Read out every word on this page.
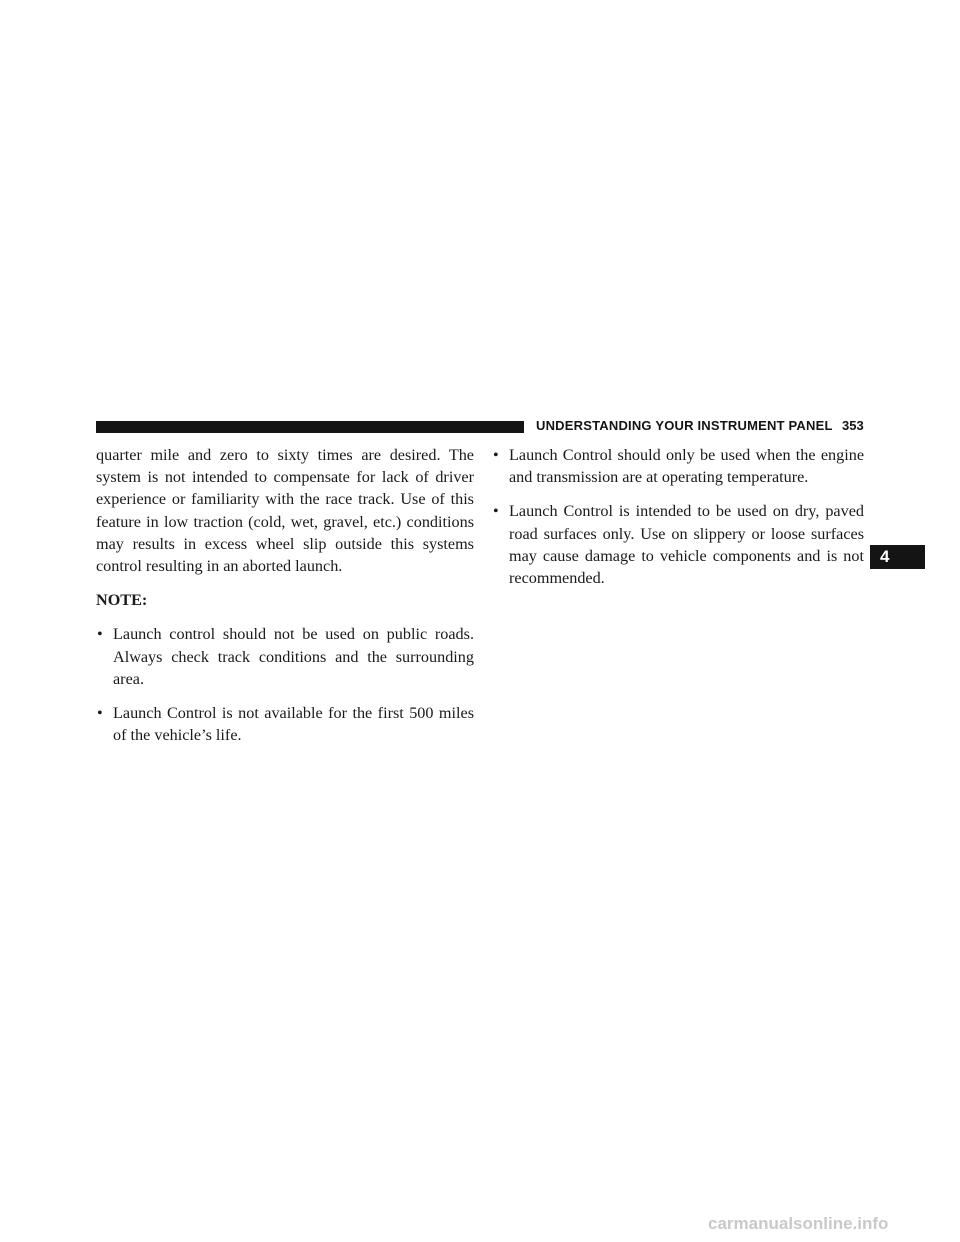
UNDERSTANDING YOUR INSTRUMENT PANEL 353

quarter mile and zero to sixty times are desired. The system is not intended to compensate for lack of driver experience or familiarity with the race track. Use of this feature in low traction (cold, wet, gravel, etc.) conditions may results in excess wheel slip outside this systems control resulting in an aborted launch.

NOTE:

• Launch control should not be used on public roads. Always check track conditions and the surrounding area.
• Launch Control is not available for the first 500 miles of the vehicle’s life.
• Launch Control should only be used when the engine and transmission are at operating temperature.
• Launch Control is intended to be used on dry, paved road surfaces only. Use on slippery or loose surfaces may cause damage to vehicle components and is not recommended.
4
carmanualsonline.info
